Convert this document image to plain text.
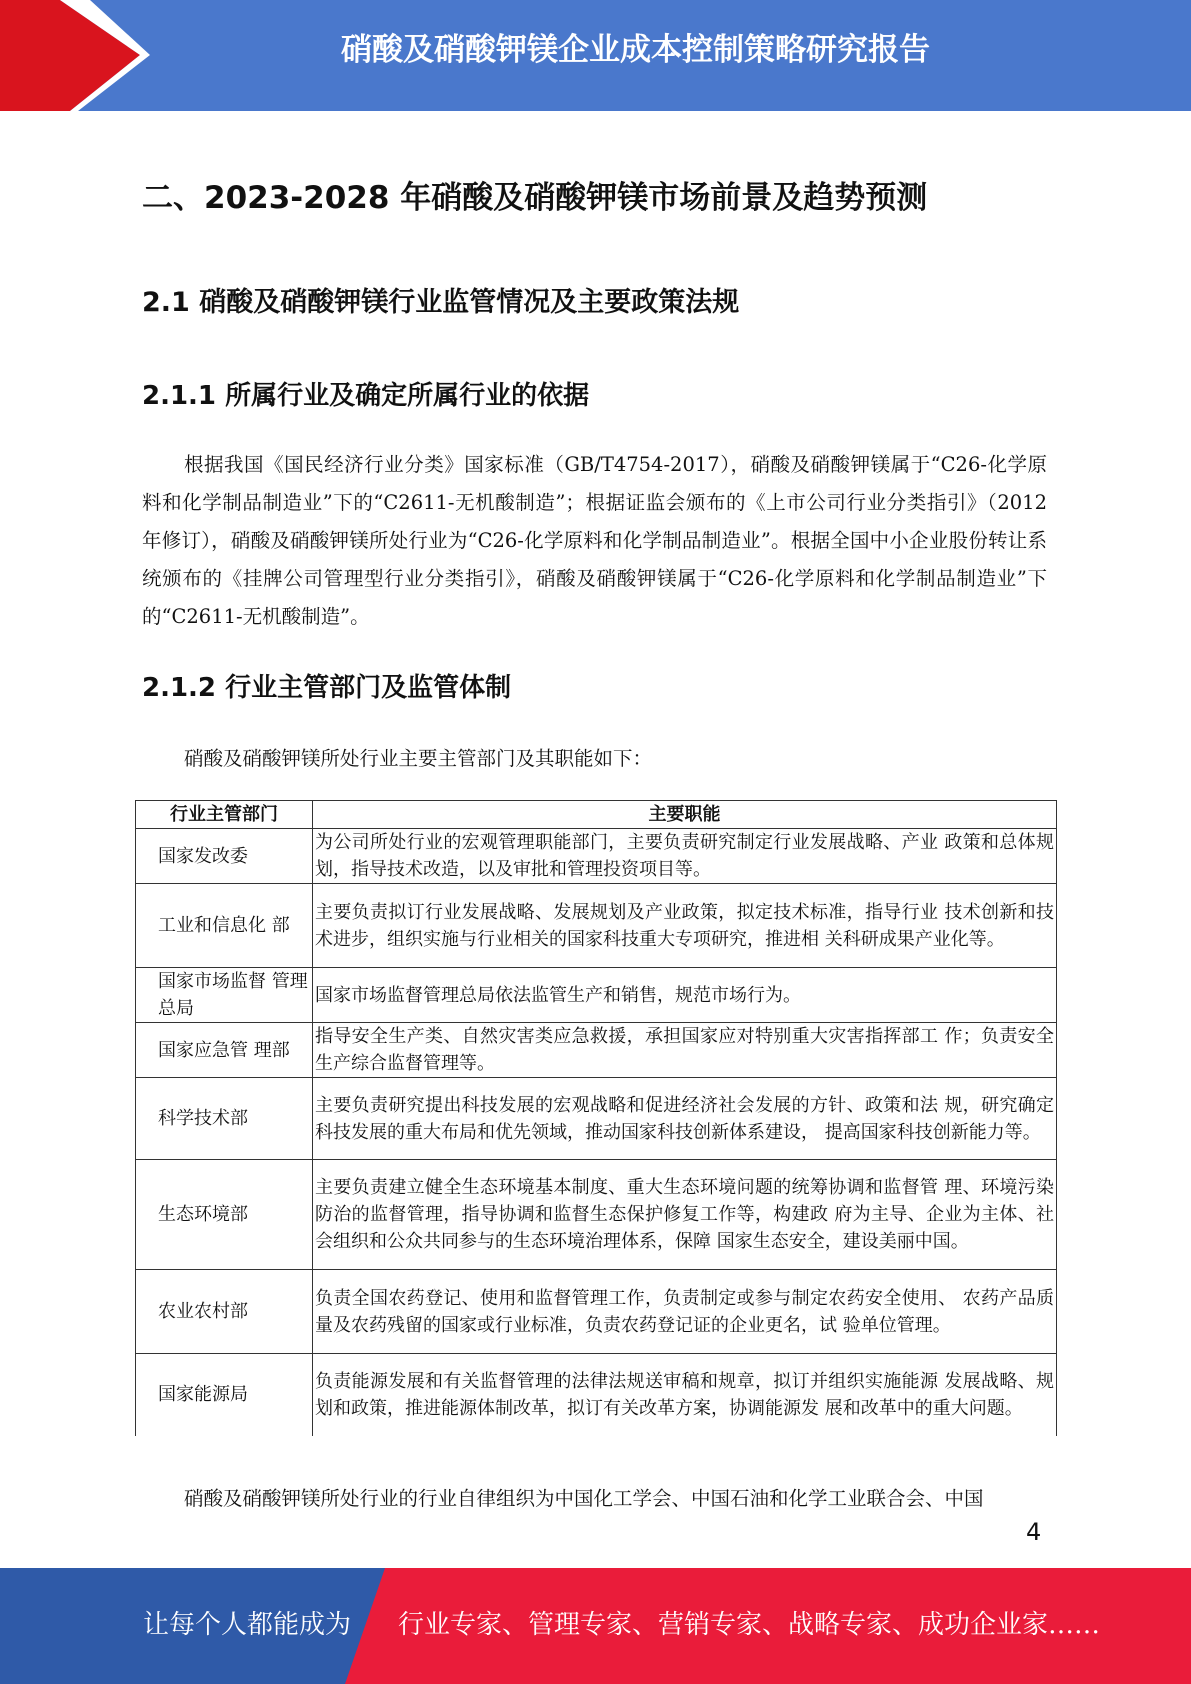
硝酸及硝酸钾镁企业成本控制策略研究报告
二、2023-2028 年硝酸及硝酸钾镁市场前景及趋势预测
2.1 硝酸及硝酸钾镁行业监管情况及主要政策法规
2.1.1 所属行业及确定所属行业的依据
根据我国《国民经济行业分类》国家标准（GB/T4754-2017），硝酸及硝酸钾镁属于“C26-化学原料和化学制品制造业”下的“C2611-无机酸制造”；根据证监会颁布的《上市公司行业分类指引》（2012 年修订），硝酸及硝酸钾镁所处行业为“C26-化学原料和化学制品制造业”。根据全国中小企业股份转让系统颁布的《挂牌公司管理型行业分类指引》，硝酸及硝酸钾镁属于“C26-化学原料和化学制品制造业”下的“C2611-无机酸制造”。
2.1.2 行业主管部门及监管体制
硝酸及硝酸钾镁所处行业主要主管部门及其职能如下：
行业主管部门	主要职能
国家发改委	为公司所处行业的宏观管理职能部门，主要负责研究制定行业发展战略、产业 政策和总体规划，指导技术改造，以及审批和管理投资项目等。
工业和信息化 部	主要负责拟订行业发展战略、发展规划及产业政策，拟定技术标准，指导行业 技术创新和技术进步，组织实施与行业相关的国家科技重大专项研究，推进相 关科研成果产业化等。
国家市场监督 管理总局	国家市场监督管理总局依法监管生产和销售，规范市场行为。
国家应急管 理部	指导安全生产类、自然灾害类应急救援，承担国家应对特别重大灾害指挥部工 作；负责安全生产综合监督管理等。
科学技术部	主要负责研究提出科技发展的宏观战略和促进经济社会发展的方针、政策和法 规，研究确定科技发展的重大布局和优先领域，推动国家科技创新体系建设， 提高国家科技创新能力等。
生态环境部	主要负责建立健全生态环境基本制度、重大生态环境问题的统筹协调和监督管 理、环境污染防治的监督管理，指导协调和监督生态保护修复工作等，构建政 府为主导、企业为主体、社会组织和公众共同参与的生态环境治理体系，保障 国家生态安全，建设美丽中国。
农业农村部	负责全国农药登记、使用和监督管理工作，负责制定或参与制定农药安全使用、 农药产品质量及农药残留的国家或行业标准，负责农药登记证的企业更名，试 验单位管理。
国家能源局	负责能源发展和有关监督管理的法律法规送审稿和规章，拟订并组织实施能源 发展战略、规划和政策，推进能源体制改革，拟订有关改革方案，协调能源发 展和改革中的重大问题。
硝酸及硝酸钾镁所处行业的行业自律组织为中国化工学会、中国石油和化学工业联合会、中国
4
让每个人都能成为 行业专家、管理专家、营销专家、战略专家、成功企业家……
